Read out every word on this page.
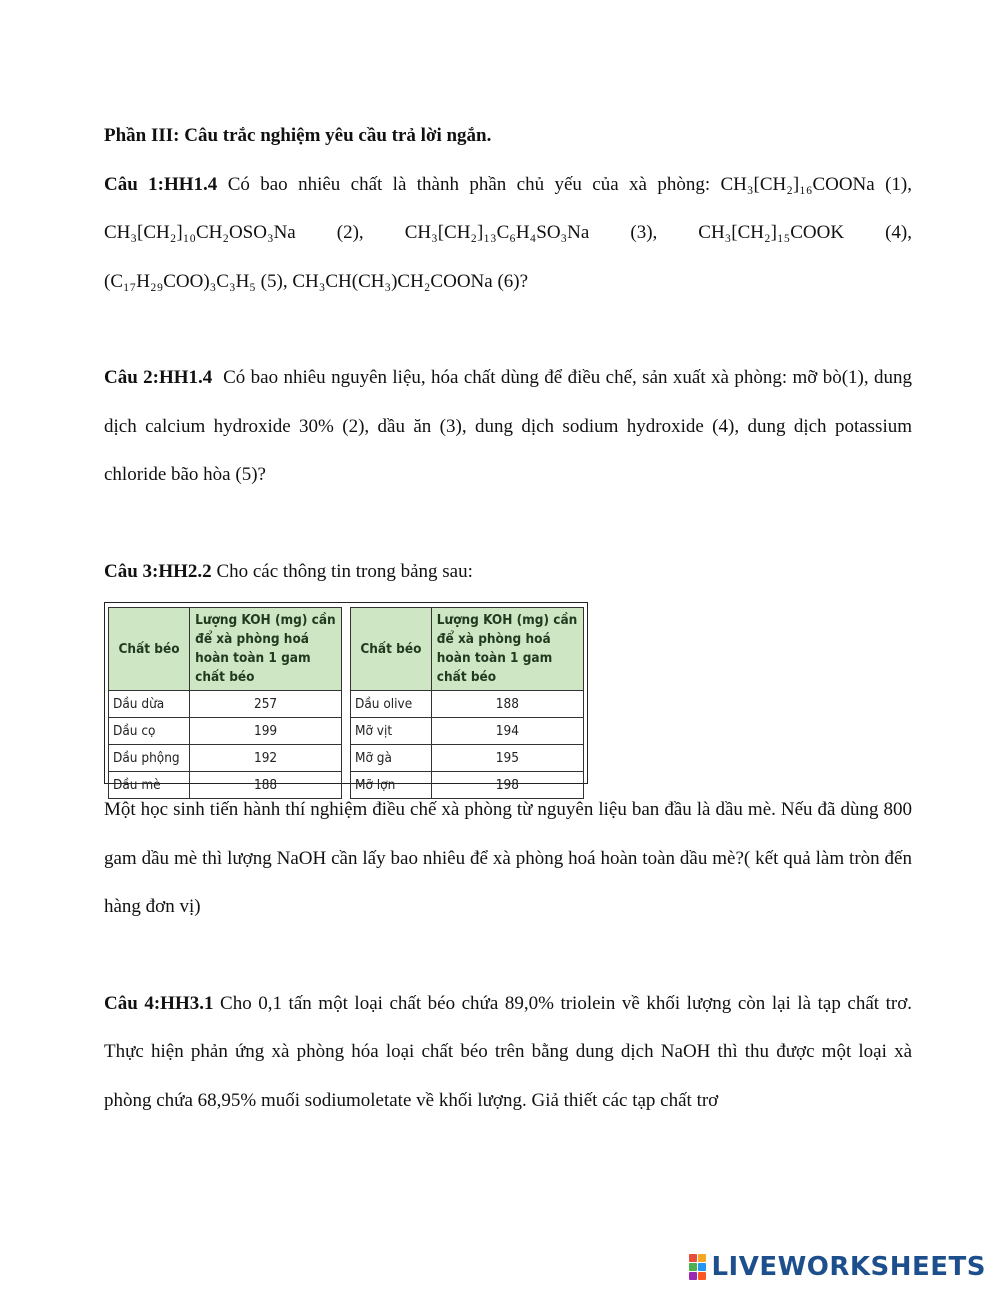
Phần III: Câu trắc nghiệm yêu cầu trả lời ngắn.

Câu 1:HH1.4 Có bao nhiêu chất là thành phần chủ yếu của xà phòng: CH₃[CH₂]₁₆COONa (1),

CH₃[CH₂]₁₀CH₂OSO₃Na (2), CH₃[CH₂]₁₃C₆H₄SO₃Na (3), CH₃[CH₂]₁₅COOK (4),

(C₁₇H₂₉COO)₃C₃H₅ (5), CH₃CH(CH₃)CH₂COONa (6)?

Câu 2:HH1.4 Có bao nhiêu nguyên liệu, hóa chất dùng để điều chế, sản xuất xà phòng: mỡ bò(1), dung dịch calcium hydroxide 30% (2), dầu ăn (3), dung dịch sodium hydroxide (4), dung dịch potassium chloride bão hòa (5)?

Câu 3:HH2.2 Cho các thông tin trong bảng sau:

Chất béo	Lượng KOH (mg) cần để xà phòng hoá hoàn toàn 1 gam chất béo
Dầu dừa	257
Dầu cọ	199
Dầu phộng	192
Dầu mè	188
Chất béo	Lượng KOH (mg) cần để xà phòng hoá hoàn toàn 1 gam chất béo
Dầu olive	188
Mỡ vịt	194
Mỡ gà	195
Mỡ lợn	198

Một học sinh tiến hành thí nghiệm điều chế xà phòng từ nguyên liệu ban đầu là dầu mè. Nếu đã dùng 800 gam dầu mè thì lượng NaOH cần lấy bao nhiêu để xà phòng hoá hoàn toàn dầu mè?( kết quả làm tròn đến hàng đơn vị)

Câu 4:HH3.1 Cho 0,1 tấn một loại chất béo chứa 89,0% triolein về khối lượng còn lại là tạp chất trơ. Thực hiện phản ứng xà phòng hóa loại chất béo trên bằng dung dịch NaOH thì thu được một loại xà phòng chứa 68,95% muối sodiumoletate về khối lượng. Giả thiết các tạp chất trơ

LIVEWORKSHEETS
